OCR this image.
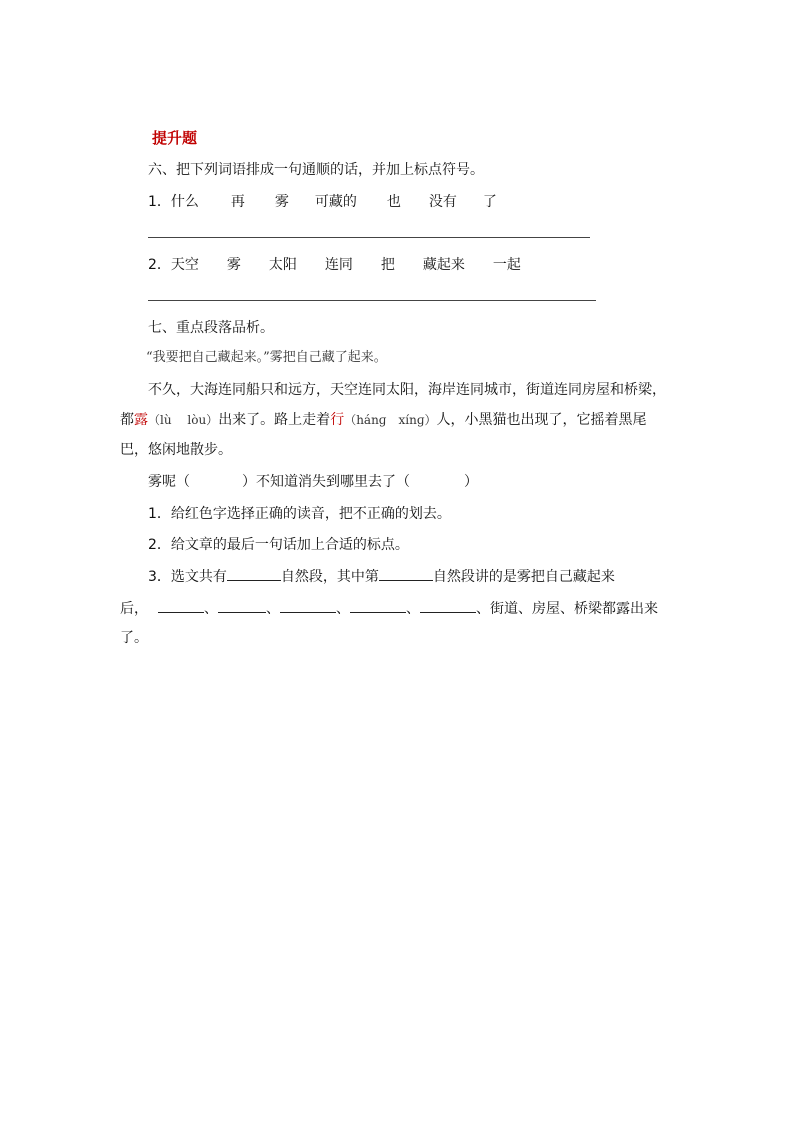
提升题
六、把下列词语排成一句通顺的话，并加上标点符号。
1．什么 再 雾 可藏的 也 没有 了
2．天空 雾 太阳 连同 把 藏起来 一起
七、重点段落品析。
“我要把自己藏起来。”雾把自己藏了起来。
不久，大海连同船只和远方，天空连同太阳，海岸连同城市，街道连同房屋和桥梁，
都露（lù　 lòu）出来了。路上走着行（hánɡ　xínɡ）人，小黑猫也出现了，它摇着黑尾
巴，悠闲地散步。
雾呢（	）不知道消失到哪里去了（	）
1．给红色字选择正确的读音，把不正确的划去。
2．给文章的最后一句话加上合适的标点。
3．选文共有	自然段，其中第	自然段讲的是雾把自己藏起来
后，	、	、	、	、	、街道、房屋、桥梁都露出来
了。
